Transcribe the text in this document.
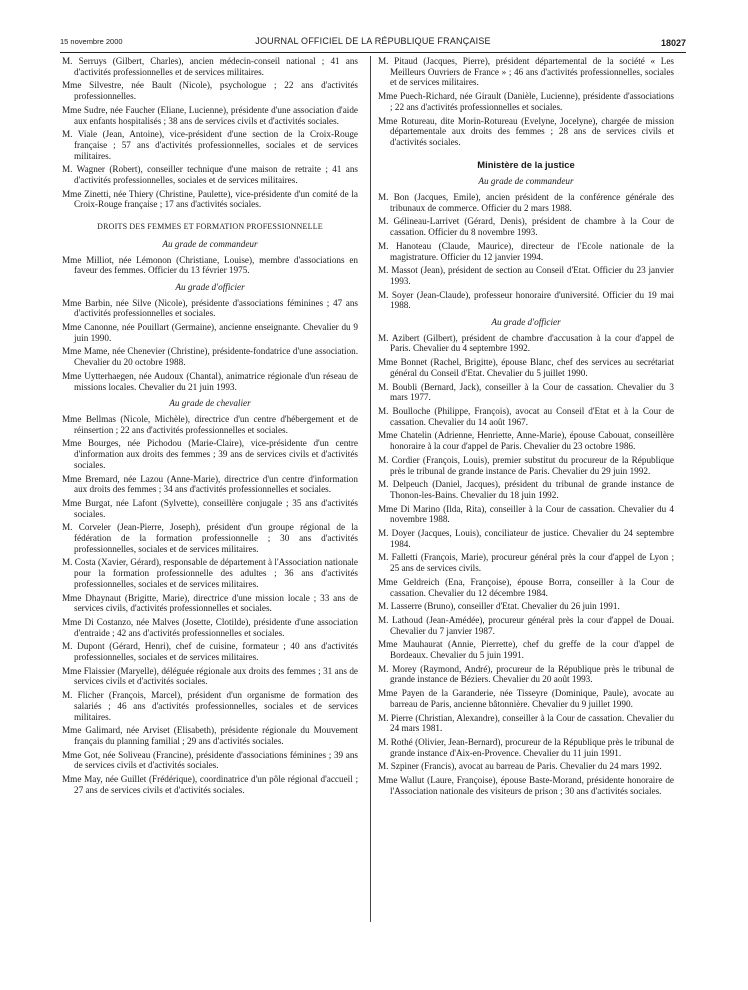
15 novembre 2000	JOURNAL OFFICIEL DE LA RÉPUBLIQUE FRANÇAISE	18027

M. Serruys (Gilbert, Charles), ancien médecin-conseil national ; 41 ans d'activités professionnelles et de services militaires.

Mme Silvestre, née Bault (Nicole), psychologue ; 22 ans d'activités professionnelles.

Mme Sudre, née Faucher (Eliane, Lucienne), présidente d'une association d'aide aux enfants hospitalisés ; 38 ans de services civils et d'activités sociales.

M. Viale (Jean, Antoine), vice-président d'une section de la Croix-Rouge française ; 57 ans d'activités professionnelles, sociales et de services militaires.

M. Wagner (Robert), conseiller technique d'une maison de retraite ; 41 ans d'activités professionnelles, sociales et de services militaires.

Mme Zinetti, née Thiery (Christine, Paulette), vice-présidente d'un comité de la Croix-Rouge française ; 17 ans d'activités sociales.

DROITS DES FEMMES ET FORMATION PROFESSIONNELLE
Au grade de commandeur

Mme Milliot, née Lémonon (Christiane, Louise), membre d'associations en faveur des femmes. Officier du 13 février 1975.

Au grade d'officier

Mme Barbin, née Silve (Nicole), présidente d'associations féminines ; 47 ans d'activités professionnelles et sociales.

Mme Canonne, née Pouillart (Germaine), ancienne enseignante. Chevalier du 9 juin 1990.

Mme Mame, née Chenevier (Christine), présidente-fondatrice d'une association. Chevalier du 20 octobre 1988.

Mme Uytterhaegen, née Audoux (Chantal), animatrice régionale d'un réseau de missions locales. Chevalier du 21 juin 1993.

Au grade de chevalier

Mme Bellmas (Nicole, Michèle), directrice d'un centre d'hébergement et de réinsertion ; 22 ans d'activités professionnelles et sociales.

Mme Bourges, née Pichodou (Marie-Claire), vice-présidente d'un centre d'information aux droits des femmes ; 39 ans de services civils et d'activités sociales.

Mme Bremard, née Lazou (Anne-Marie), directrice d'un centre d'information aux droits des femmes ; 34 ans d'activités professionnelles et sociales.

Mme Burgat, née Lafont (Sylvette), conseillère conjugale ; 35 ans d'activités sociales.

M. Corveler (Jean-Pierre, Joseph), président d'un groupe régional de la fédération de la formation professionnelle ; 30 ans d'activités professionnelles, sociales et de services militaires.

M. Costa (Xavier, Gérard), responsable de département à l'Association nationale pour la formation professionnelle des adultes ; 36 ans d'activités professionnelles, sociales et de services militaires.

Mme Dhaynaut (Brigitte, Marie), directrice d'une mission locale ; 33 ans de services civils, d'activités professionnelles et sociales.

Mme Di Costanzo, née Malves (Josette, Clotilde), présidente d'une association d'entraide ; 42 ans d'activités professionnelles et sociales.

M. Dupont (Gérard, Henri), chef de cuisine, formateur ; 40 ans d'activités professionnelles, sociales et de services militaires.

Mme Flaissier (Maryelle), déléguée régionale aux droits des femmes ; 31 ans de services civils et d'activités sociales.

M. Flicher (François, Marcel), président d'un organisme de formation des salariés ; 46 ans d'activités professionnelles, sociales et de services militaires.

Mme Galimard, née Arviset (Elisabeth), présidente régionale du Mouvement français du planning familial ; 29 ans d'activités sociales.

Mme Got, née Soliveau (Francine), présidente d'associations féminines ; 39 ans de services civils et d'activités sociales.

Mme May, née Guillet (Frédérique), coordinatrice d'un pôle régional d'accueil ; 27 ans de services civils et d'activités sociales.

M. Pitaud (Jacques, Pierre), président départemental de la société « Les Meilleurs Ouvriers de France » ; 46 ans d'activités professionnelles, sociales et de services militaires.

Mme Puech-Richard, née Girault (Danièle, Lucienne), présidente d'associations ; 22 ans d'activités professionnelles et sociales.

Mme Rotureau, dite Morin-Rotureau (Evelyne, Jocelyne), chargée de mission départementale aux droits des femmes ; 28 ans de services civils et d'activités sociales.

Ministère de la justice
Au grade de commandeur

M. Bon (Jacques, Emile), ancien président de la conférence générale des tribunaux de commerce. Officier du 2 mars 1988.

M. Gélineau-Larrivet (Gérard, Denis), président de chambre à la Cour de cassation. Officier du 8 novembre 1993.

M. Hanoteau (Claude, Maurice), directeur de l'Ecole nationale de la magistrature. Officier du 12 janvier 1994.

M. Massot (Jean), président de section au Conseil d'Etat. Officier du 23 janvier 1993.

M. Soyer (Jean-Claude), professeur honoraire d'université. Officier du 19 mai 1988.

Au grade d'officier

M. Azibert (Gilbert), président de chambre d'accusation à la cour d'appel de Paris. Chevalier du 4 septembre 1992.

Mme Bonnet (Rachel, Brigitte), épouse Blanc, chef des services au secrétariat général du Conseil d'Etat. Chevalier du 5 juillet 1990.

M. Boubli (Bernard, Jack), conseiller à la Cour de cassation. Chevalier du 3 mars 1977.

M. Boulloche (Philippe, François), avocat au Conseil d'Etat et à la Cour de cassation. Chevalier du 14 août 1967.

Mme Chatelin (Adrienne, Henriette, Anne-Marie), épouse Cabouat, conseillère honoraire à la cour d'appel de Paris. Chevalier du 23 octobre 1986.

M. Cordier (François, Louis), premier substitut du procureur de la République près le tribunal de grande instance de Paris. Chevalier du 29 juin 1992.

M. Delpeuch (Daniel, Jacques), président du tribunal de grande instance de Thonon-les-Bains. Chevalier du 18 juin 1992.

Mme Di Marino (Ilda, Rita), conseiller à la Cour de cassation. Chevalier du 4 novembre 1988.

M. Doyer (Jacques, Louis), conciliateur de justice. Chevalier du 24 septembre 1984.

M. Falletti (François, Marie), procureur général près la cour d'appel de Lyon ; 25 ans de services civils.

Mme Geldreich (Ena, Françoise), épouse Borra, conseiller à la Cour de cassation. Chevalier du 12 décembre 1984.

M. Lasserre (Bruno), conseiller d'Etat. Chevalier du 26 juin 1991.

M. Lathoud (Jean-Amédée), procureur général près la cour d'appel de Douai. Chevalier du 7 janvier 1987.

Mme Mauhaurat (Annie, Pierrette), chef du greffe de la cour d'appel de Bordeaux. Chevalier du 5 juin 1991.

M. Morey (Raymond, André), procureur de la République près le tribunal de grande instance de Béziers. Chevalier du 20 août 1993.

Mme Payen de la Garanderie, née Tisseyre (Dominique, Paule), avocate au barreau de Paris, ancienne bâtonnière. Chevalier du 9 juillet 1990.

M. Pierre (Christian, Alexandre), conseiller à la Cour de cassation. Chevalier du 24 mars 1981.

M. Rothé (Olivier, Jean-Bernard), procureur de la République près le tribunal de grande instance d'Aix-en-Provence. Chevalier du 11 juin 1991.

M. Szpiner (Francis), avocat au barreau de Paris. Chevalier du 24 mars 1992.

Mme Wallut (Laure, Françoise), épouse Baste-Morand, présidente honoraire de l'Association nationale des visiteurs de prison ; 30 ans d'activités sociales.
